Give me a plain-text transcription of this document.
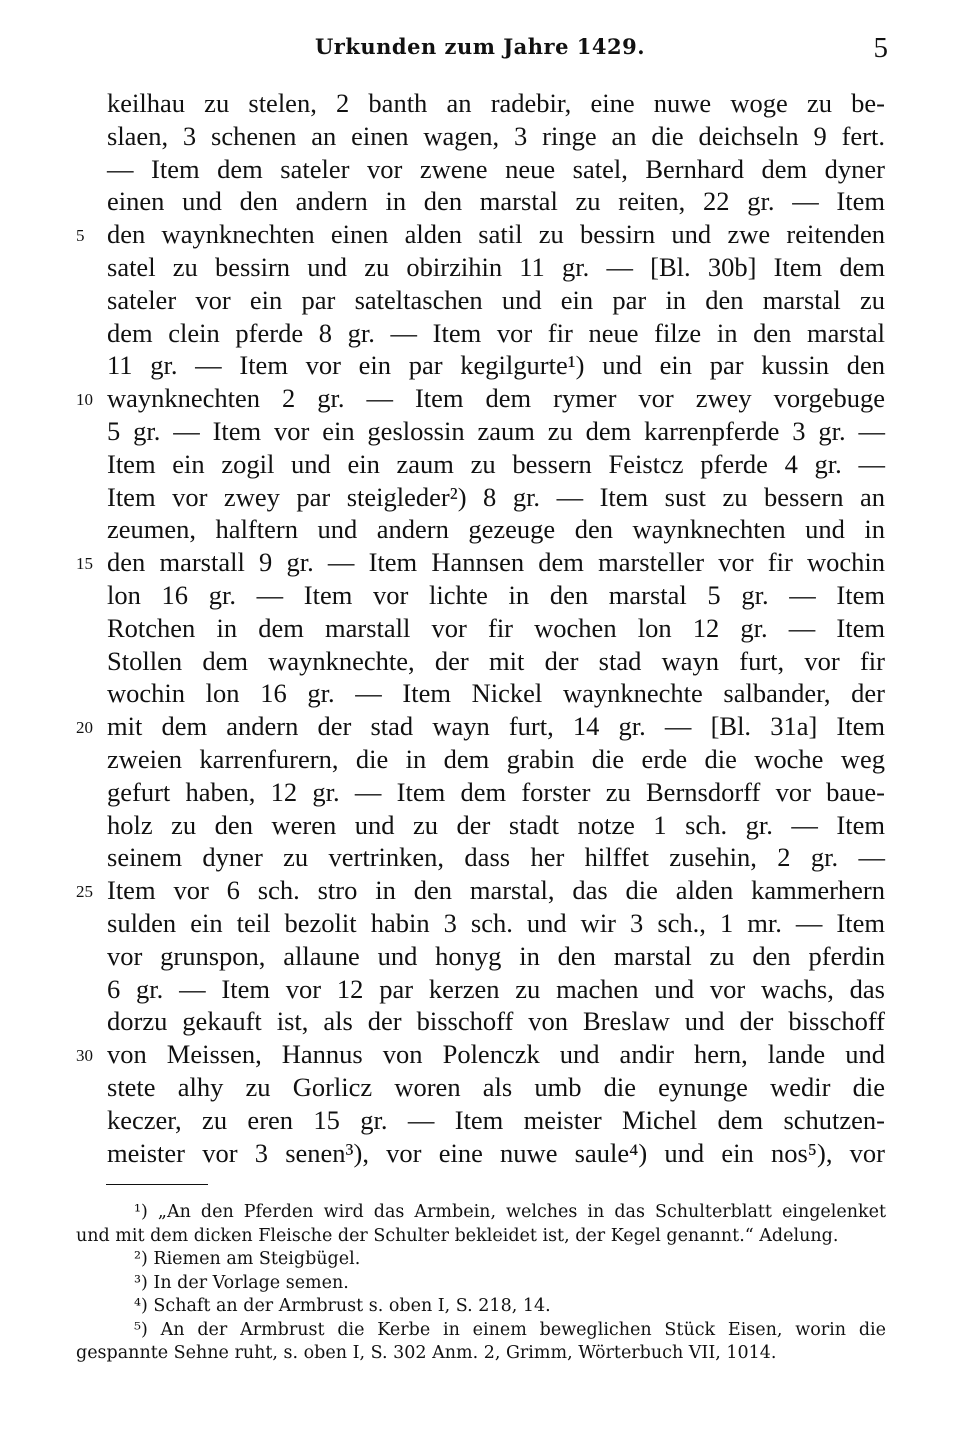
Urkunden zum Jahre 1429.	5
keilhau zu stelen, 2 banth an radebir, eine nuwe woge zu be-
slaen, 3 schenen an einen wagen, 3 ringe an die deichseln 9 fert.
— Item dem sateler vor zwene neue satel, Bernhard dem dyner
einen und den andern in den marstal zu reiten, 22 gr. — Item
5 den waynknechten einen alden satil zu bessirn und zwe reitenden
satel zu bessirn und zu obirzihin 11 gr. — [Bl. 30b] Item dem
sateler vor ein par sateltaschen und ein par in den marstal zu
dem clein pferde 8 gr. — Item vor fir neue filze in den marstal
11 gr. — Item vor ein par kegilgurte¹) und ein par kussin den
10 waynknechten 2 gr. — Item dem rymer vor zwey vorgebuge
5 gr. — Item vor ein geslossin zaum zu dem karrenpferde 3 gr. —
Item ein zogil und ein zaum zu bessern Feistcz pferde 4 gr. —
Item vor zwey par steigleder²) 8 gr. — Item sust zu bessern an
zeumen, halftern und andern gezeuge den waynknechten und in
15 den marstall 9 gr. — Item Hannsen dem marsteller vor fir wochin
lon 16 gr. — Item vor lichte in den marstal 5 gr. — Item
Rotchen in dem marstall vor fir wochen lon 12 gr. — Item
Stollen dem waynknechte, der mit der stad wayn furt, vor fir
wochin lon 16 gr. — Item Nickel waynknechte salbander, der
20 mit dem andern der stad wayn furt, 14 gr. — [Bl. 31a] Item
zweien karrenfurern, die in dem grabin die erde die woche weg
gefurt haben, 12 gr. — Item dem forster zu Bernsdorff vor baue-
holz zu den weren und zu der stadt notze 1 sch. gr. — Item
seinem dyner zu vertrinken, dass her hilffet zusehin, 2 gr. —
25 Item vor 6 sch. stro in den marstal, das die alden kammerhern
sulden ein teil bezolit habin 3 sch. und wir 3 sch., 1 mr. — Item
vor grunspon, allaune und honyg in den marstal zu den pferdin
6 gr. — Item vor 12 par kerzen zu machen und vor wachs, das
dorzu gekauft ist, als der bisschoff von Breslaw und der bisschoff
30 von Meissen, Hannus von Polenczk und andir hern, lande und
stete alhy zu Gorlicz woren als umb die eynunge wedir die
keczer, zu eren 15 gr. — Item meister Michel dem schutzen-
meister vor 3 senen³), vor eine nuwe saule⁴) und ein nos⁵), vor
¹) „An den Pferden wird das Armbein, welches in das Schulterblatt eingelenket
und mit dem dicken Fleische der Schulter bekleidet ist, der Kegel genannt.“ Adelung.
²) Riemen am Steigbügel.
³) In der Vorlage semen.
⁴) Schaft an der Armbrust s. oben I, S. 218, 14.
⁵) An der Armbrust die Kerbe in einem beweglichen Stück Eisen, worin die
gespannte Sehne ruht, s. oben I, S. 302 Anm. 2, Grimm, Wörterbuch VII, 1014.
